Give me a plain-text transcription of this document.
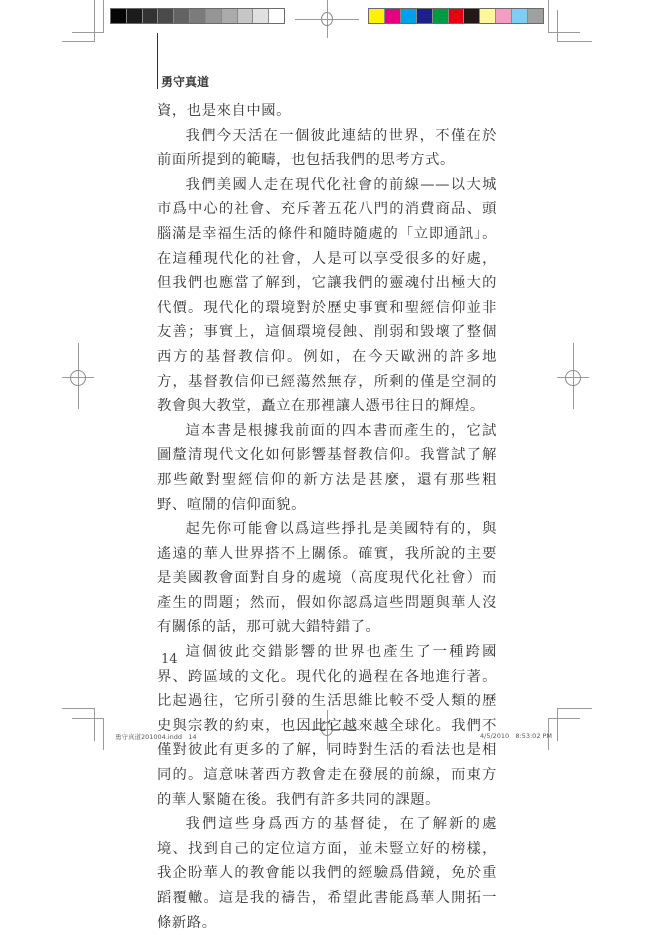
勇守真道

資，也是來自中國。

我們今天活在一個彼此連結的世界，不僅在於前面所提到的範疇，也包括我們的思考方式。

我們美國人走在現代化社會的前線——以大城市爲中心的社會、充斥著五花八門的消費商品、頭腦滿是幸福生活的條件和隨時隨處的「立即通訊」。在這種現代化的社會，人是可以享受很多的好處，但我們也應當了解到，它讓我們的靈魂付出極大的代價。現代化的環境對於歷史事實和聖經信仰並非友善；事實上，這個環境侵蝕、削弱和毀壞了整個西方的基督教信仰。例如，在今天歐洲的許多地方，基督教信仰已經蕩然無存，所剩的僅是空洞的教會與大教堂，矗立在那裡讓人憑弔往日的輝煌。

這本書是根據我前面的四本書而產生的，它試圖釐清現代文化如何影響基督教信仰。我嘗試了解那些敵對聖經信仰的新方法是甚麼，還有那些粗野、喧鬧的信仰面貌。

起先你可能會以爲這些掙扎是美國特有的，與遙遠的華人世界搭不上關係。確實，我所說的主要是美國教會面對自身的處境（高度現代化社會）而產生的問題；然而，假如你認爲這些問題與華人沒有關係的話，那可就大錯特錯了。

這個彼此交錯影響的世界也產生了一種跨國界、跨區域的文化。現代化的過程在各地進行著。比起過往，它所引發的生活思維比較不受人類的歷史與宗教的約束，也因此它越來越全球化。我們不僅對彼此有更多的了解，同時對生活的看法也是相同的。這意味著西方教會走在發展的前線，而東方的華人緊隨在後。我們有許多共同的課題。

我們這些身爲西方的基督徒，在了解新的處境、找到自己的定位這方面，並未豎立好的榜樣，我企盼華人的教會能以我們的經驗爲借鏡，免於重蹈覆轍。這是我的禱告，希望此書能爲華人開拓一條新路。

14
勇守真道201004.indd   14	4/5/2010   8:53:02 PM
